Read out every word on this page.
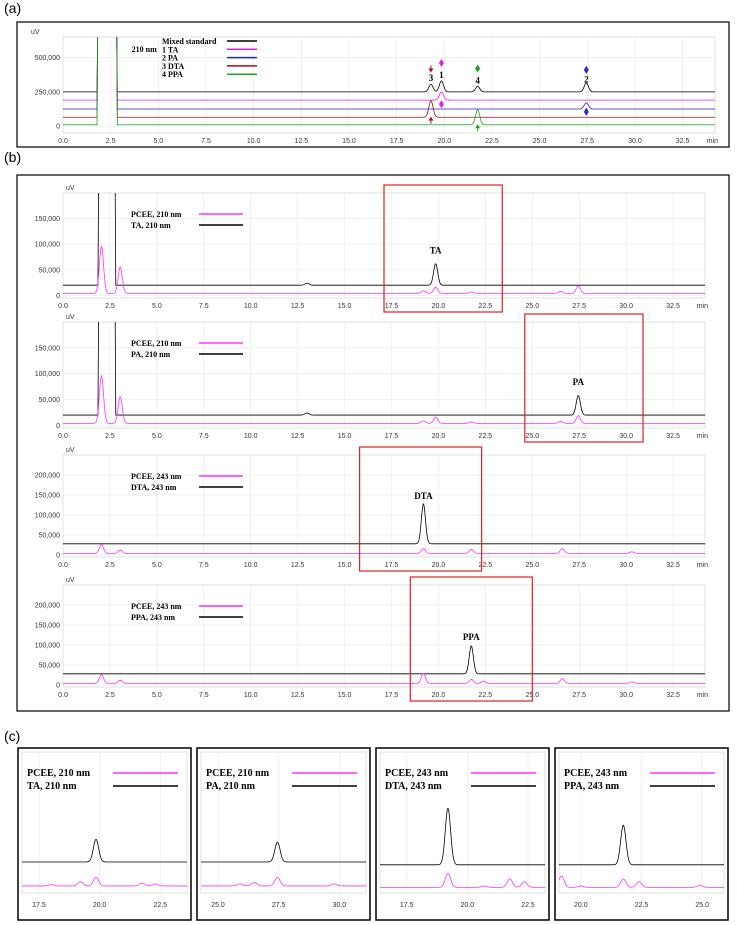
(a)
(b)
(c)
0.0	2.5	5.0	7.5	10.0	12.5	15.0	17.5	20.0	22.5	25.0	27.5	30.0	32.5
0
250,000
500,000
uV
min
Mixed standard
1 TA
2 PA
3 DTA
4 PPA
210 nm
3 1
4	2
0.0	2.5	5.0	7.5	10.0	12.5	15.0	17.5	20.0	22.5	25.0	27.5	30.0	32.5
0
50,000
100,000
150,000
uV
min
PCEE, 210 nm
TA, 210 nm
TA
0.0	2.5	5.0	7.5	10.0	12.5	15.0	17.5	20.0	22.5	25.0	27.5	30.0	32.5
0
50,000
100,000
150,000
uV
min
PCEE, 210 nm
PA, 210 nm
PA
0.0	2.5	5.0	7.5	10.0	12.5	15.0	17.5	20.0	22.5	25.0	27.5	30.0	32.5
0
50,000
100,000
150,000
200,000
uV
min
PCEE, 243 nm
DTA, 243 nm
DTA
0.0	2.5	5.0	7.5	10.0	12.5	15.0	17.5	20.0	22.5	25.0	27.5	30.0	32.5
0
50,000
100,000
150,000
200,000
uV
min
PCEE, 243 nm
PPA, 243 nm
PPA
17.5	20.0	22.5
PCEE, 210 nm
TA, 210 nm
25.0	27.5	30.0
PCEE, 210 nm
PA, 210 nm
17.5	20.0	22.5
PCEE, 243 nm
DTA, 243 nm
20.0	22.5	25.0
PCEE, 243 nm
PPA, 243 nm
